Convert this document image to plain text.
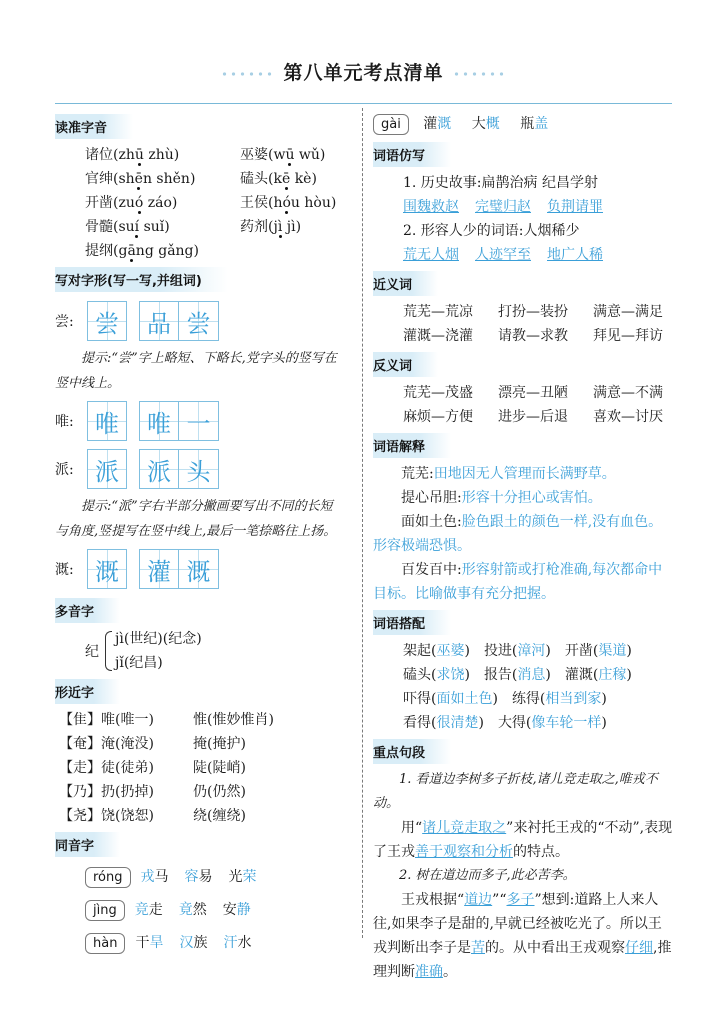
第八单元考点清单
读准字音
诸位(zhū zhù)	巫婆(wū wǔ)
官绅(shēn shěn)	磕头(kē kè)
开凿(zuó záo)	王侯(hóu hòu)
骨髓(suí suǐ)	药剂(jì jì)
提纲(gāng gǎng)
写对字形(写一写,并组词)
尝: 尝	品 尝
提示:“尝”字上略短、下略长,党字头的竖写在竖中线上。
唯: 唯	唯 一
派: 派	派 头
提示:“派”字右半部分撇画要写出不同的长短与角度,竖提写在竖中线上,最后一笔捺略往上扬。
溉: 溉	灌 溉
多音字
纪
jì(世纪)(纪念)
jǐ(纪昌)
形近字
【隹】唯(唯一)	惟(惟妙惟肖)
【奄】淹(淹没)	掩(掩护)
【走】徒(徒弟)	陡(陡峭)
【乃】扔(扔掉)	仍(仍然)
【尧】饶(饶恕)	绕(缠绕)
同音字
róng 戎马 容易 光荣
jìng 竞走 竟然 安静
hàn 干旱 汉族 汗水
gài 灌溉 大概 瓶盖
词语仿写
1. 历史故事:扁鹊治病 纪昌学射
围魏救赵 完璧归赵 负荆请罪
2. 形容人少的词语:人烟稀少
荒无人烟 人迹罕至 地广人稀
近义词
荒芜—荒凉 打扮—装扮 满意—满足
灌溉—浇灌 请教—求教 拜见—拜访
反义词
荒芜—茂盛 漂亮—丑陋 满意—不满
麻烦—方便 进步—后退 喜欢—讨厌
词语解释
荒芜:田地因无人管理而长满野草。
提心吊胆:形容十分担心或害怕。
面如土色:脸色跟土的颜色一样,没有血色。形容极端恐惧。
百发百中:形容射箭或打枪准确,每次都命中目标。比喻做事有充分把握。
词语搭配
架起(巫婆) 投进(漳河) 开凿(渠道)
磕头(求饶) 报告(消息) 灌溉(庄稼)
吓得(面如土色) 练得(相当到家)
看得(很清楚) 大得(像车轮一样)
重点句段
1. 看道边李树多子折枝,诸儿竞走取之,唯戎不动。
用“诸儿竞走取之”来衬托王戎的“不动”,表现了王戎善于观察和分析的特点。
2. 树在道边而多子,此必苦李。
王戎根据“道边”“多子”想到:道路上人来人往,如果李子是甜的,早就已经被吃光了。所以王戎判断出李子是苦的。从中看出王戎观察仔细,推理判断准确。
